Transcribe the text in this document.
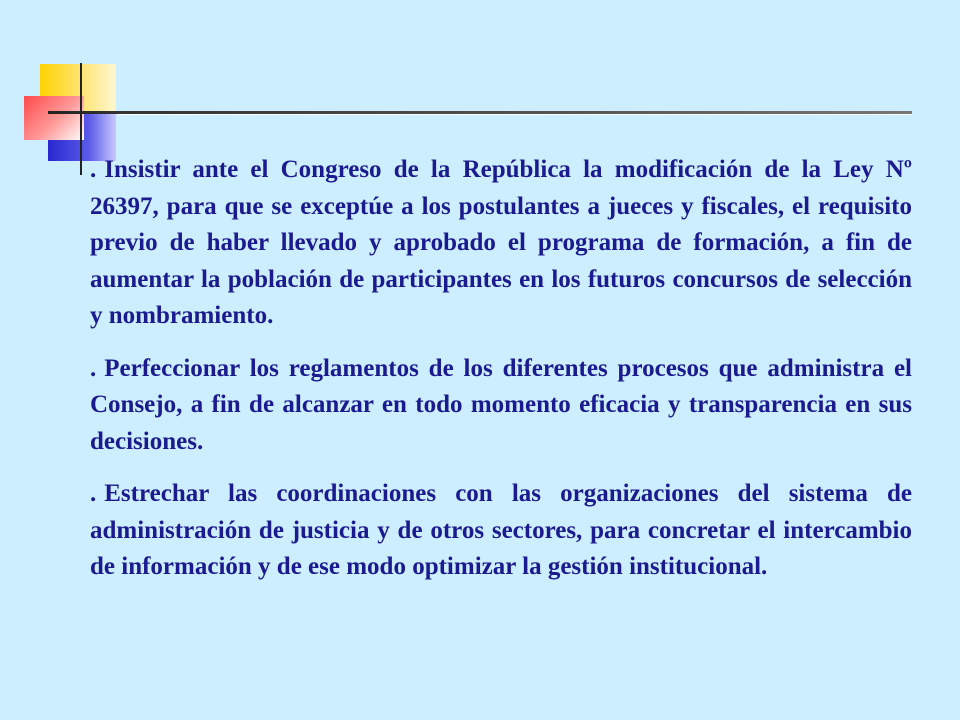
. Insistir ante el Congreso de la República la modificación de la Ley Nº 26397, para que se exceptúe a los postulantes a jueces y fiscales, el requisito previo de haber llevado y aprobado el programa de formación, a fin de aumentar la población de participantes en los futuros concursos de selección y nombramiento.

. Perfeccionar los reglamentos de los diferentes procesos que administra el Consejo, a fin de alcanzar en todo momento eficacia y transparencia en sus decisiones.

. Estrechar las coordinaciones con las organizaciones del sistema de administración de justicia y de otros sectores, para concretar el intercambio de información y de ese modo optimizar la gestión institucional.
